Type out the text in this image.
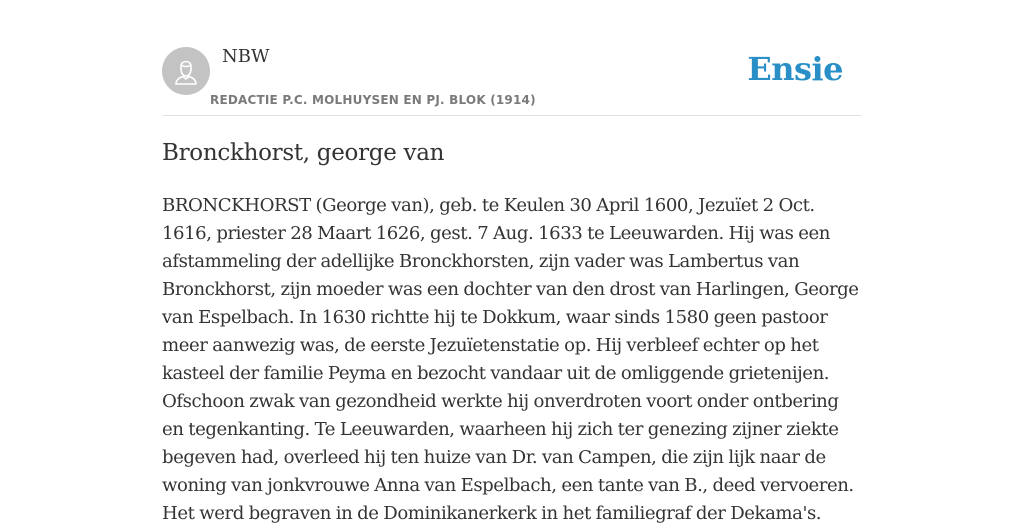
NBW
REDACTIE P.C. MOLHUYSEN EN PJ. BLOK (1914)
Ensie
Bronckhorst, george van

BRONCKHORST (George van), geb. te Keulen 30 April 1600, Jezuïet 2 Oct. 1616, priester 28 Maart 1626, gest. 7 Aug. 1633 te Leeuwarden. Hij was een afstammeling der adellijke Bronckhorsten, zijn vader was Lambertus van Bronckhorst, zijn moeder was een dochter van den drost van Harlingen, George van Espelbach. In 1630 richtte hij te Dokkum, waar sinds 1580 geen pastoor meer aanwezig was, de eerste Jezuïetenstatie op. Hij verbleef echter op het kasteel der familie Peyma en bezocht vandaar uit de omliggende grietenijen. Ofschoon zwak van gezondheid werkte hij onverdroten voort onder ontbering en tegenkanting. Te Leeuwarden, waarheen hij zich ter genezing zijner ziekte begeven had, overleed hij ten huize van Dr. van Campen, die zijn lijk naar de woning van jonkvrouwe Anna van Espelbach, een tante van B., deed vervoeren. Het werd begraven in de Dominikanerkerk in het familiegraf der Dekama's.
